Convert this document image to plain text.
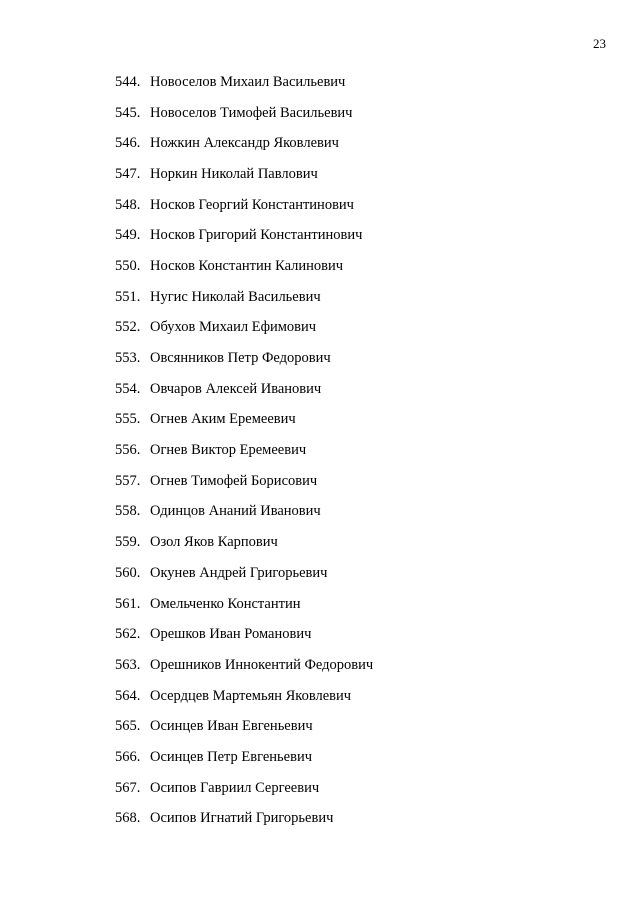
23
544. Новоселов Михаил Васильевич
545. Новоселов Тимофей Васильевич
546. Ножкин Александр Яковлевич
547. Норкин Николай Павлович
548. Носков Георгий Константинович
549. Носков Григорий Константинович
550. Носков Константин Калинович
551. Нугис Николай Васильевич
552. Обухов Михаил Ефимович
553. Овсянников Петр Федорович
554. Овчаров Алексей Иванович
555. Огнев Аким Еремеевич
556. Огнев Виктор Еремеевич
557. Огнев Тимофей Борисович
558. Одинцов Ананий Иванович
559. Озол Яков Карпович
560. Окунев Андрей Григорьевич
561. Омельченко Константин
562. Орешков Иван Романович
563. Орешников Иннокентий Федорович
564. Осердцев Мартемьян Яковлевич
565. Осинцев Иван Евгеньевич
566. Осинцев Петр Евгеньевич
567. Осипов Гавриил Сергеевич
568. Осипов Игнатий Григорьевич
